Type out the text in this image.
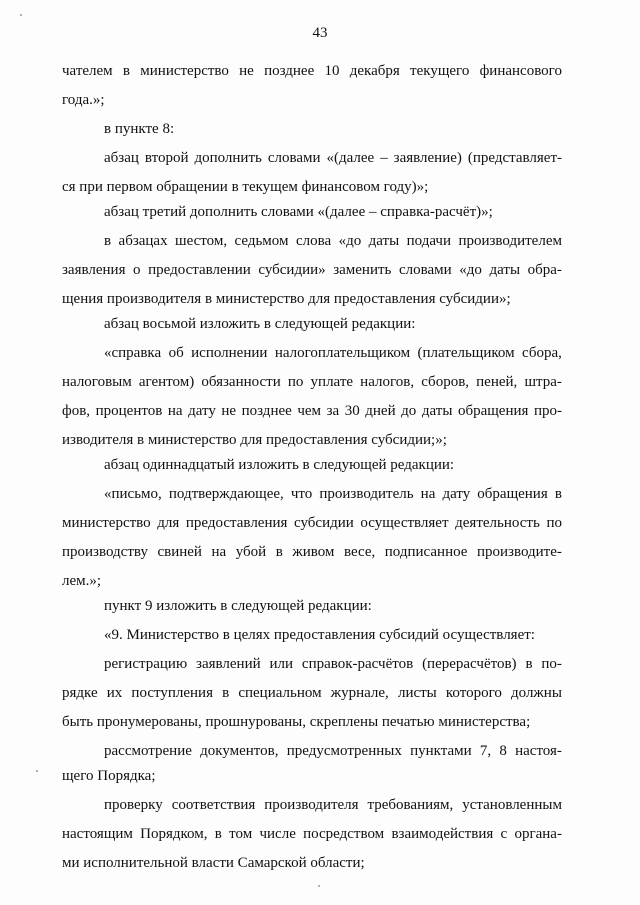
43
чателем в министерство не позднее 10 декабря текущего финансового
года.»;
в пункте 8:
абзац второй дополнить словами «(далее – заявление) (представляет-
ся при первом обращении в текущем финансовом году)»;
абзац третий дополнить словами «(далее – справка-расчёт)»;
в абзацах шестом, седьмом слова «до даты подачи производителем
заявления о предоставлении субсидии» заменить словами «до даты обра-
щения производителя в министерство для предоставления субсидии»;
абзац восьмой изложить в следующей редакции:
«справка об исполнении налогоплательщиком (плательщиком сбора,
налоговым агентом) обязанности по уплате налогов, сборов, пеней, штра-
фов, процентов на дату не позднее чем за 30 дней до даты обращения про-
изводителя в министерство для предоставления субсидии;»;
абзац одиннадцатый изложить в следующей редакции:
«письмо, подтверждающее, что производитель на дату обращения в
министерство для предоставления субсидии осуществляет деятельность по
производству свиней на убой в живом весе, подписанное производите-
лем.»;
пункт 9 изложить в следующей редакции:
«9. Министерство в целях предоставления субсидий осуществляет:
регистрацию заявлений или справок-расчётов (перерасчётов) в по-
рядке их поступления в специальном журнале, листы которого должны
быть пронумерованы, прошнурованы, скреплены печатью министерства;
рассмотрение документов, предусмотренных пунктами 7, 8 настоя-
щего Порядка;
проверку соответствия производителя требованиям, установленным
настоящим Порядком, в том числе посредством взаимодействия с органа-
ми исполнительной власти Самарской области;
